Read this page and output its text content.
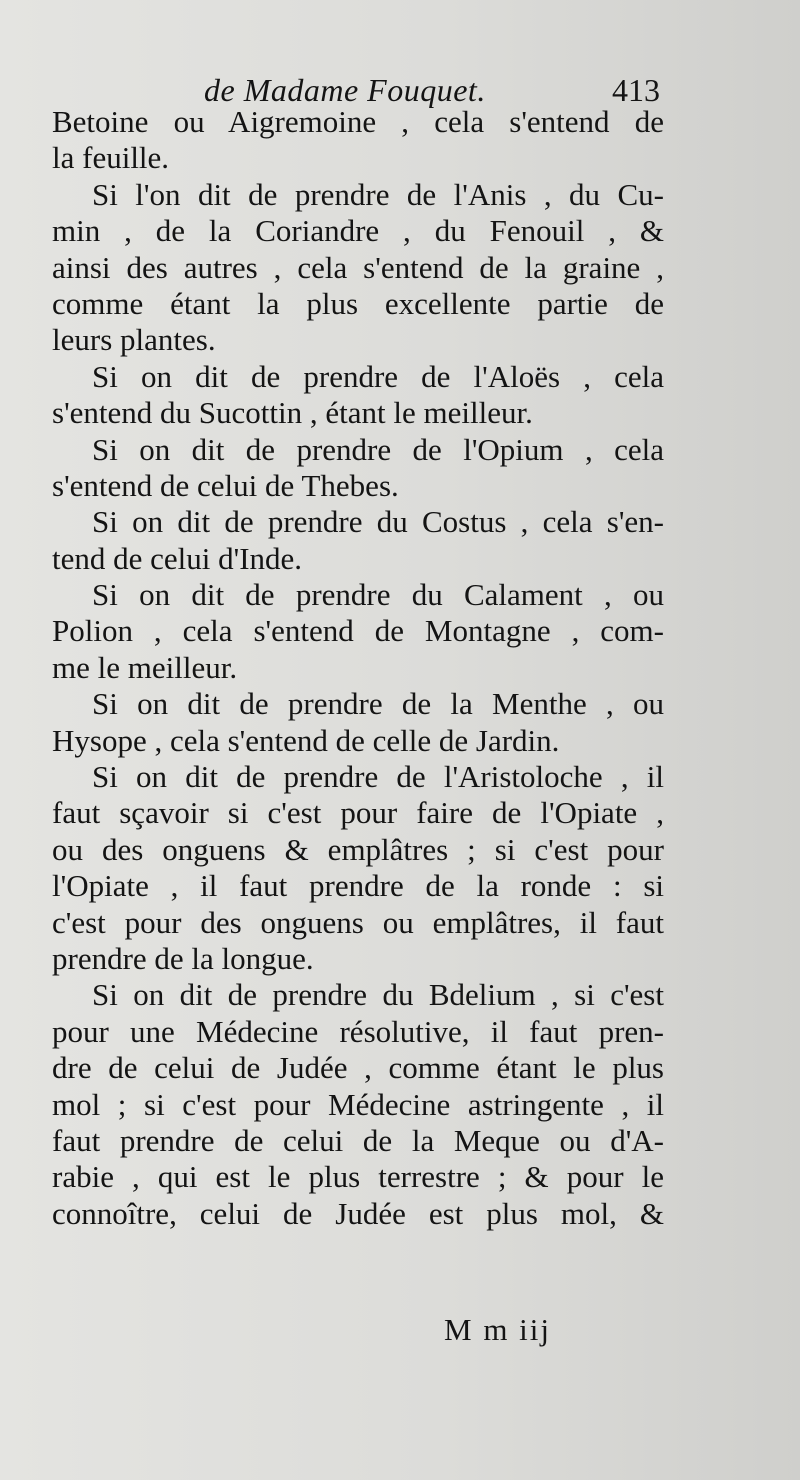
de Madame Fouquet.	413
Betoine ou Aigremoine , cela s'entend de
la feuille.
Si l'on dit de prendre de l'Anis , du Cu-
min , de la Coriandre , du Fenouil , &
ainsi des autres , cela s'entend de la graine ,
comme étant la plus excellente partie de
leurs plantes.
Si on dit de prendre de l'Aloës , cela
s'entend du Sucottin , étant le meilleur.
Si on dit de prendre de l'Opium , cela
s'entend de celui de Thebes.
Si on dit de prendre du Costus , cela s'en-
tend de celui d'Inde.
Si on dit de prendre du Calament , ou
Polion , cela s'entend de Montagne , com-
me le meilleur.
Si on dit de prendre de la Menthe , ou
Hysope , cela s'entend de celle de Jardin.
Si on dit de prendre de l'Aristoloche , il
faut sçavoir si c'est pour faire de l'Opiate ,
ou des onguens & emplâtres ; si c'est pour
l'Opiate , il faut prendre de la ronde : si
c'est pour des onguens ou emplâtres, il faut
prendre de la longue.
Si on dit de prendre du Bdelium , si c'est
pour une Médecine résolutive, il faut pren-
dre de celui de Judée , comme étant le plus
mol ; si c'est pour Médecine astringente , il
faut prendre de celui de la Meque ou d'A-
rabie , qui est le plus terrestre ; & pour le
connoître, celui de Judée est plus mol, &
M m iij
